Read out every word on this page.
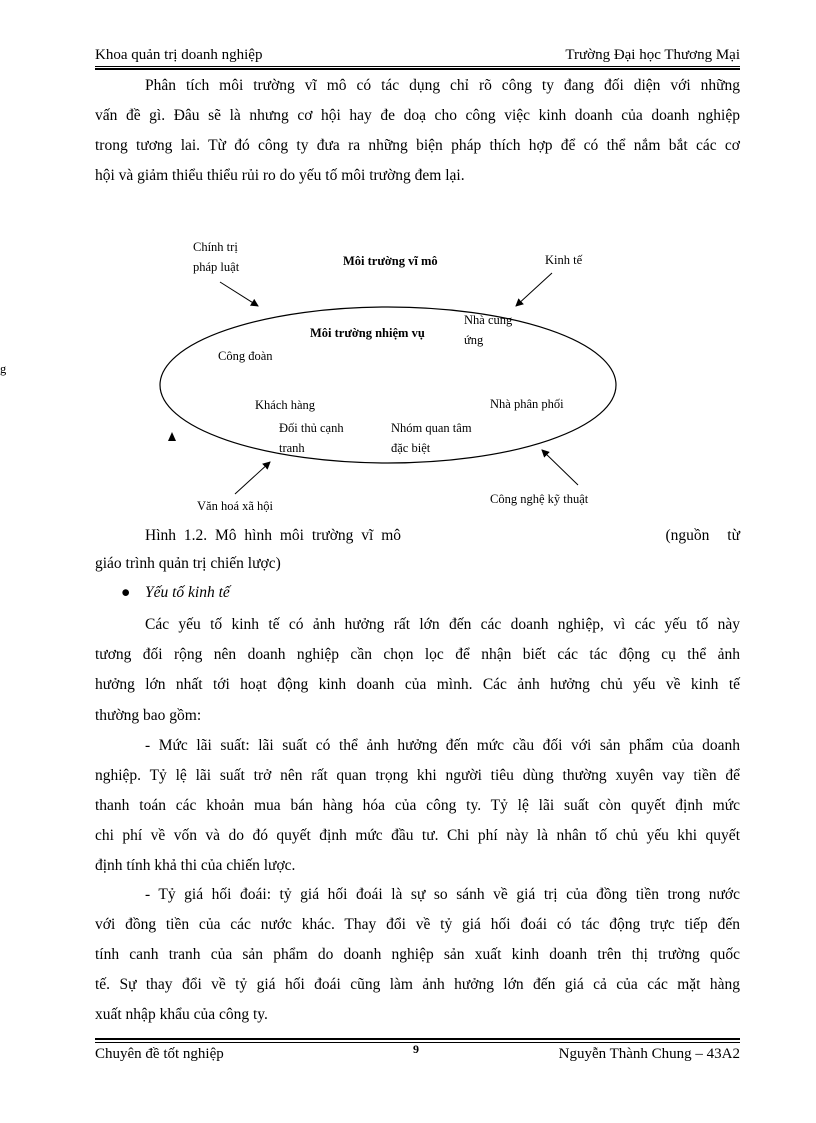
Khoa quản trị doanh nghiệp	Trường Đại học Thương Mại
Phân tích môi trường vĩ mô có tác dụng chỉ rõ công ty đang đối diện với những
vấn đề gì. Đâu sẽ là nhưng cơ hội hay đe doạ cho công việc kinh doanh của doanh nghiệp
trong tương lai. Từ đó công ty đưa ra những biện pháp thích hợp để có thể nắm bắt các cơ
hội và giảm thiểu thiểu rủi ro do yếu tố môi trường đem lại.
Chính trị
pháp luật	Môi trường vĩ mô	Kinh tế
Môi trường nhiệm vụ
Nhà cung
ứng
Công đoàn
Khách hàng	Nhà phân phối
Đối thủ cạnh
tranh
Nhóm quan tâm
đặc biệt
Văn hoá xã hội	Công nghệ kỹ thuật
g
Hình 1.2. Mô hình môi trường vĩ mô	(nguồn từ
giáo trình quản trị chiến lược)
● Yếu tố kinh tế
Các yếu tố kinh tế có ảnh hưởng rất lớn đến các doanh nghiệp, vì các yếu tố này
tương đối rộng nên doanh nghiệp cần chọn lọc để nhận biết các tác động cụ thể ảnh
hưởng lớn nhất tới hoạt động kinh doanh của mình. Các ảnh hưởng chủ yếu về kinh tế
thường bao gồm:
- Mức lãi suất: lãi suất có thể ảnh hưởng đến mức cầu đối với sản phẩm của doanh
nghiệp. Tỷ lệ lãi suất trở nên rất quan trọng khi người tiêu dùng thường xuyên vay tiền để
thanh toán các khoản mua bán hàng hóa của công ty. Tỷ lệ lãi suất còn quyết định mức
chi phí về vốn và do đó quyết định mức đầu tư. Chi phí này là nhân tố chủ yếu khi quyết
định tính khả thi của chiến lược.
- Tỷ giá hối đoái: tỷ giá hối đoái là sự so sánh về giá trị của đồng tiền trong nước
với đồng tiền của các nước khác. Thay đổi về tỷ giá hối đoái có tác động trực tiếp đến
tính canh tranh của sản phẩm do doanh nghiệp sản xuất kinh doanh trên thị trường quốc
tế. Sự thay đổi về tỷ giá hối đoái cũng làm ảnh hưởng lớn đến giá cả của các mặt hàng
xuất nhập khẩu của công ty.
Chuyên đề tốt nghiệp	9	Nguyễn Thành Chung – 43A2
